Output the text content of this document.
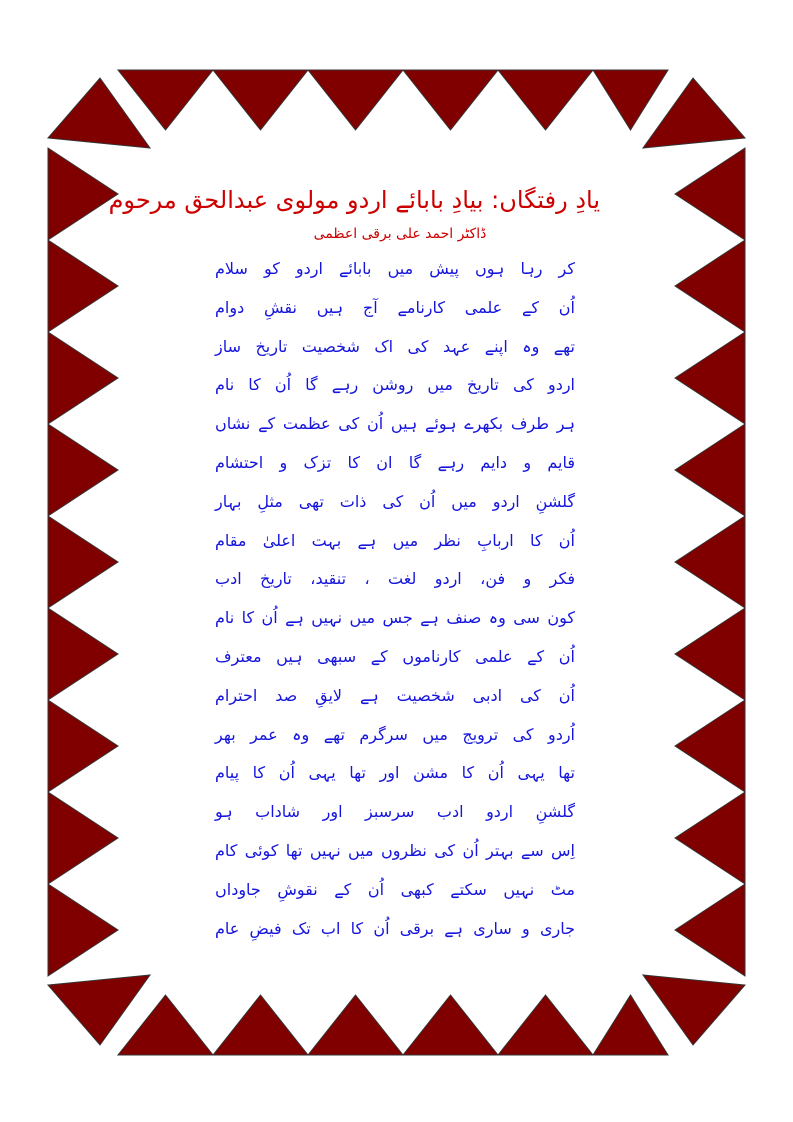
یادِ رفتگاں: بیادِ بابائے اردو مولوی عبدالحق مرحوم
ڈاکٹر احمد علی برقی اعظمی
کر رہا ہوں پیش میں بابائے اردو کو سلام
اُن کے علمی کارنامے آج ہیں نقشِ دوام
تھے وہ اپنے عہد کی اک شخصیت تاریخ ساز
اردو کی تاریخ میں روشن رہے گا اُن کا نام
ہر طرف بکھرے ہوئے ہیں اُن کی عظمت کے نشاں
قایم و دایم رہے گا ان کا تزک و احتشام
گلشنِ اردو میں اُن کی ذات تھی مثلِ بہار
اُن کا اربابِ نظر میں ہے بہت اعلیٰ مقام
فکر و فن، اردو لغت ، تنقید، تاریخ ادب
کون سی وہ صنف ہے جس میں نہیں ہے اُن کا نام
اُن کے علمی کارناموں کے سبھی ہیں معترف
اُن کی ادبی شخصیت ہے لایقِ صد احترام
اُردو کی ترویج میں سرگرم تھے وہ عمر بھر
تھا یہی اُن کا مشن اور تھا یہی اُن کا پیام
گلشنِ اردو ادب سرسبز اور شاداب ہو
اِس سے بہتر اُن کی نظروں میں نہیں تھا کوئی کام
مٹ نہیں سکتے کبھی اُن کے نقوشِ جاوداں
جاری و ساری ہے برقی اُن کا اب تک فیضِ عام
